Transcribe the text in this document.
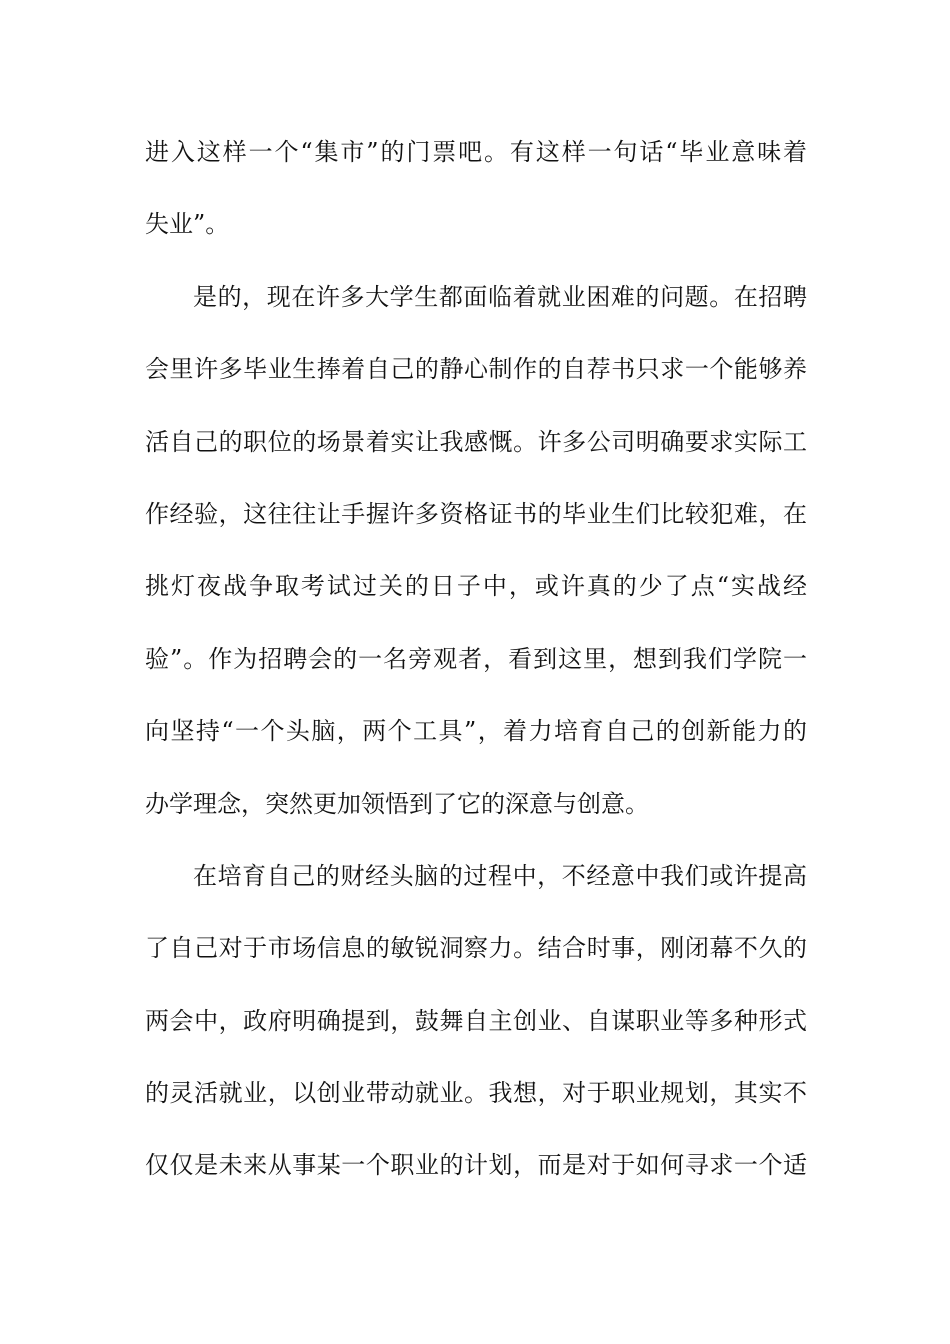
进入这样一个“集市”的门票吧。有这样一句话“毕业意味着
失业”。
是的，现在许多大学生都面临着就业困难的问题。在招聘
会里许多毕业生捧着自己的静心制作的自荐书只求一个能够养
活自己的职位的场景着实让我感慨。许多公司明确要求实际工
作经验，这往往让手握许多资格证书的毕业生们比较犯难，在
挑灯夜战争取考试过关的日子中，或许真的少了点“实战经
验”。作为招聘会的一名旁观者，看到这里，想到我们学院一
向坚持“一个头脑，两个工具”，着力培育自己的创新能力的
办学理念，突然更加领悟到了它的深意与创意。
在培育自己的财经头脑的过程中，不经意中我们或许提高
了自己对于市场信息的敏锐洞察力。结合时事，刚闭幕不久的
两会中，政府明确提到，鼓舞自主创业、自谋职业等多种形式
的灵活就业，以创业带动就业。我想，对于职业规划，其实不
仅仅是未来从事某一个职业的计划，而是对于如何寻求一个适
